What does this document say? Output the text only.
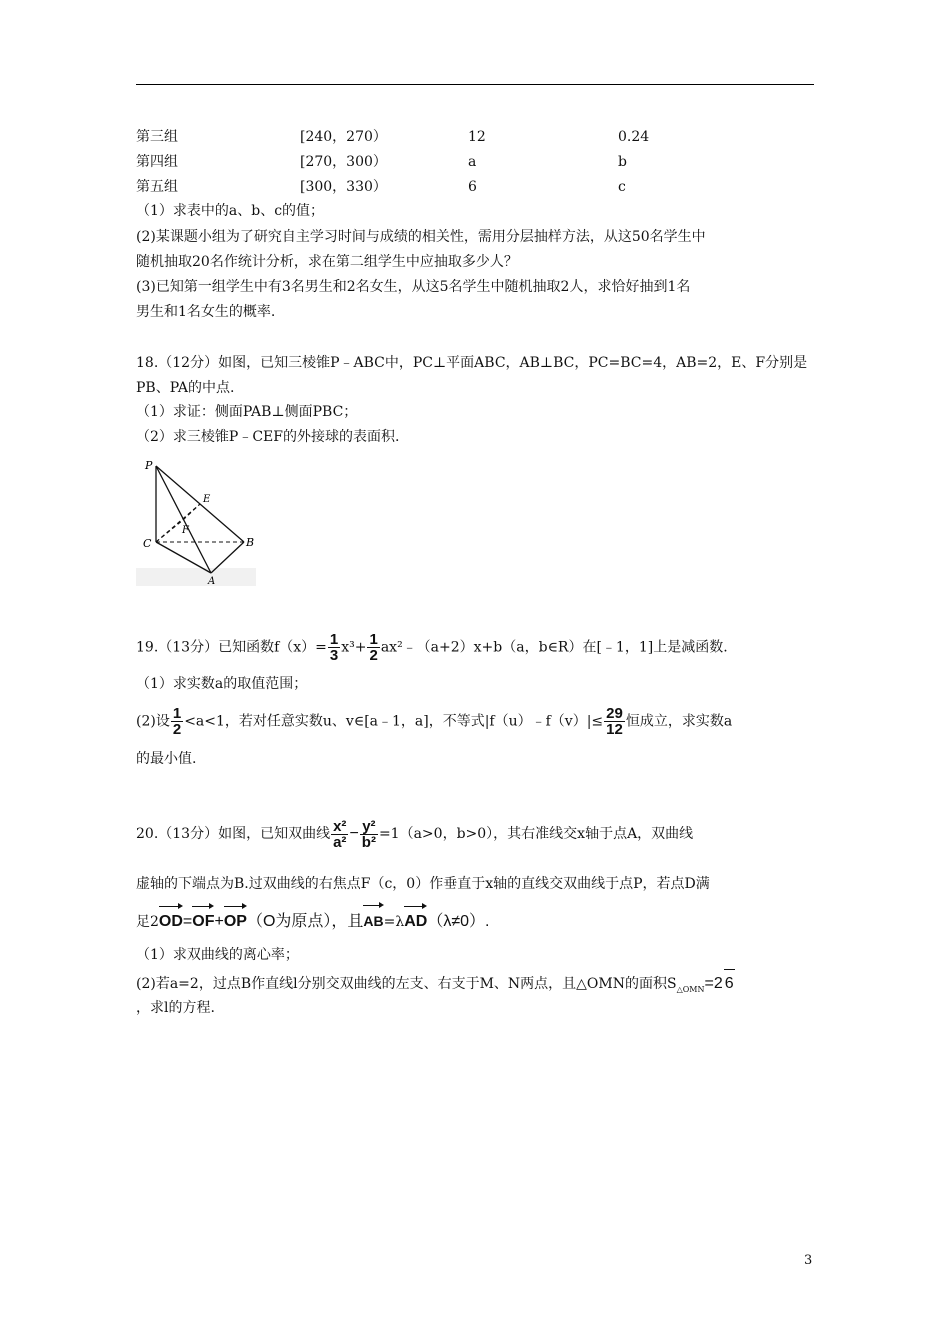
第三组	[240，270）	12	0.24
第四组	[270，300）	a	b
第五组	[300，330）	6	c
（1）求表中的a、b、c的值；
(2)某课题小组为了研究自主学习时间与成绩的相关性，需用分层抽样方法，从这50名学生中
随机抽取20名作统计分析，求在第二组学生中应抽取多少人？
(3)已知第一组学生中有3名男生和2名女生，从这5名学生中随机抽取2人，求恰好抽到1名
男生和1名女生的概率.
18.（12分）如图，已知三棱锥P﹣ABC中，PC⊥平面ABC，AB⊥BC，PC=BC=4，AB=2，E、F分别是
PB、PA的中点.
（1）求证：侧面PAB⊥侧面PBC；
（2）求三棱锥P﹣CEF的外接球的表面积.
P
E
F
C	B
A
19.（13分）已知函数$f(x)= \frac{1}{3} x^3+ \frac{1}{2}$ ax²﹣（a+2）x+b（a，b∈R）在[﹣1，1]上是减函数.
（1）求实数a的取值范围；
(2)设 $\frac{1}{2} <a<1$，若对任意实数u、v∈[a﹣1，a]，不等式|f（u）﹣f（v）|≤ $\frac{29}{12}$ 恒成立，求实数a
的最小值.
20.（13分）如图，已知双曲线 $\frac{\text{x²}}{\text{a²}} - \frac{\text{y²}}{\text{b²}} =1(a>0$，b>0），其右准线交x轴于点A，双曲线
虚轴的下端点为B.过双曲线的右焦点F（c，0）作垂直于x轴的直线交双曲线于点P，若点D满
足2OD=OF+OP（O为原点），且AB=λAD（λ≠0）.
（1）求双曲线的离心率；
(2)若a=2，过点B作直线l分别交双曲线的左支、右支于M、N两点，且△OMN的面积$S_{\triangle OMN}=2$ 6
，求l的方程.
3
